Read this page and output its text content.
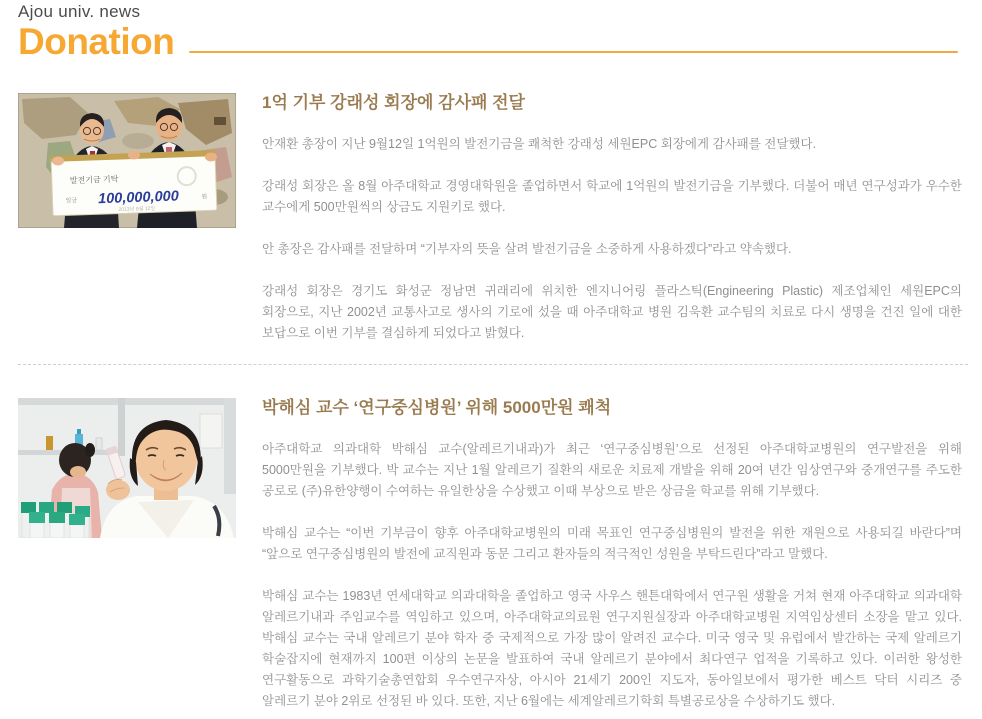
Ajou univ. news
Donation
발전기금 기탁
일금 100,000,000	원
2013년 9월 12일
1억 기부 강래성 회장에 감사패 전달

안재환 총장이 지난 9월12일 1억원의 발전기금을 쾌척한 강래성 세원EPC 회장에게 감사패를 전달했다.

강래성 회장은 올 8월 아주대학교 경영대학원을 졸업하면서 학교에 1억원의 발전기금을 기부했다. 더불어 매년 연구성과가 우수한 교수에게 500만원씩의 상금도 지원키로 했다.

안 총장은 감사패를 전달하며 “기부자의 뜻을 살려 발전기금을 소중하게 사용하겠다”라고 약속했다.

강래성 회장은 경기도 화성군 정남면 귀래리에 위치한 엔지니어링 플라스틱(Engineering Plastic) 제조업체인 세원EPC의 회장으로, 지난 2002년 교통사고로 생사의 기로에 섰을 때 아주대학교 병원 김욱환 교수팀의 치료로 다시 생명을 건진 일에 대한 보답으로 이번 기부를 결심하게 되었다고 밝혔다.

박해심 교수 ‘연구중심병원’ 위해 5000만원 쾌척

아주대학교 의과대학 박해심 교수(알레르기내과)가 최근 ‘연구중심병원’으로 선정된 아주대학교병원의 연구발전을 위해 5000만원을 기부했다. 박 교수는 지난 1월 알레르기 질환의 새로운 치료제 개발을 위해 20여 년간 임상연구와 중개연구를 주도한 공로로 (주)유한양행이 수여하는 유일한상을 수상했고 이때 부상으로 받은 상금을 학교를 위해 기부했다.

박해심 교수는 “이번 기부금이 향후 아주대학교병원의 미래 목표인 연구중심병원의 발전을 위한 재원으로 사용되길 바란다”며 “앞으로 연구중심병원의 발전에 교직원과 동문 그리고 환자들의 적극적인 성원을 부탁드린다”라고 말했다.

박해심 교수는 1983년 연세대학교 의과대학을 졸업하고 영국 사우스 핸튼대학에서 연구원 생활을 거쳐 현재 아주대학교 의과대학 알레르기내과 주임교수를 역임하고 있으며, 아주대학교의료원 연구지원실장과 아주대학교병원 지역임상센터 소장을 맡고 있다. 박해심 교수는 국내 알레르기 분야 학자 중 국제적으로 가장 많이 알려진 교수다. 미국 영국 및 유럽에서 발간하는 국제 알레르기 학술잡지에 현재까지 100편 이상의 논문을 발표하여 국내 알레르기 분야에서 최다연구 업적을 기록하고 있다. 이러한 왕성한 연구활동으로 과학기술총연합회 우수연구자상, 아시아 21세기 200인 지도자, 동아일보에서 평가한 베스트 닥터 시리즈 중 알레르기 분야 2위로 선정된 바 있다. 또한, 지난 6월에는 세계알레르기학회 특별공로상을 수상하기도 했다.
